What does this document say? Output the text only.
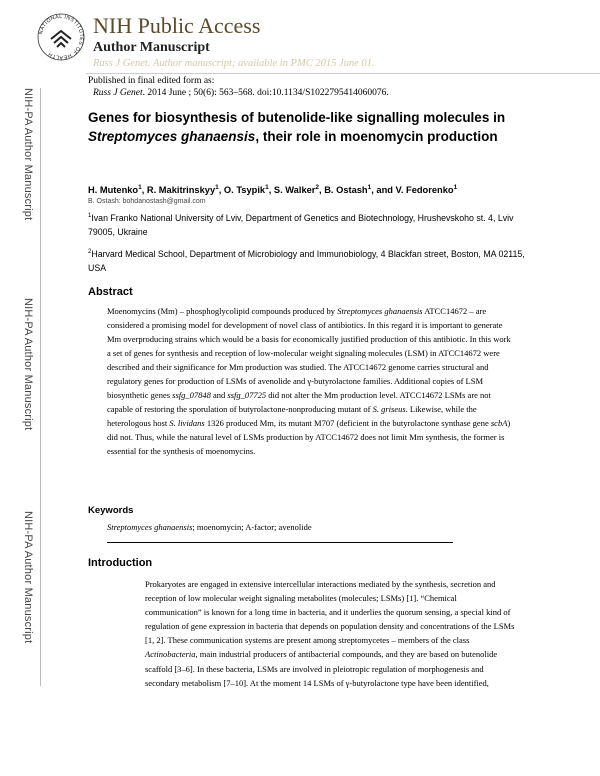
NIH-PA Author Manuscript
NIH-PA Author Manuscript
NIH-PA Author Manuscript
NATIONAL INSTITUTES OF HEALTH
NIH Public Access
Author Manuscript
Russ J Genet. Author manuscript; available in PMC 2015 June 01.
Published in final edited form as:
Russ J Genet. 2014 June ; 50(6): 563–568. doi:10.1134/S1022795414060076.
Genes for biosynthesis of butenolide-like signalling molecules in Streptomyces ghanaensis, their role in moenomycin production
H. Mutenko$^1$, R. Makitrinskyy$^1$, O. Tsypik$^1$, S. Walker$^2$, B. Ostash$^1$, and V. Fedorenko$^1$
B. Ostash: bohdanostash@gmail.com
$^1$Ivan Franko National University of Lviv, Department of Genetics and Biotechnology, Hrushevskoho st. 4, Lviv 79005, Ukraine
$^2$Harvard Medical School, Department of Microbiology and Immunobiology, 4 Blackfan street, Boston, MA 02115, USA
Abstract
Moenomycins (Mm) – phosphoglycolipid compounds produced by Streptomyces ghanaensis ATCC14672 – are considered a promising model for development of novel class of antibiotics. In this regard it is important to generate Mm overproducing strains which would be a basis for economically justified production of this antibiotic. In this work a set of genes for synthesis and reception of low-molecular weight signaling molecules (LSM) in ATCC14672 were described and their significance for Mm production was studied. The ATCC14672 genome carries structural and regulatory genes for production of LSMs of avenolide and γ-butyrolactone families. Additional copies of LSM biosynthetic genes ssfg_07848 and ssfg_07725 did not alter the Mm production level. ATCC14672 LSMs are not capable of restoring the sporulation of butyrolactone-nonproducing mutant of S. griseus. Likewise, while the heterologous host S. lividans 1326 produced Mm, its mutant M707 (deficient in the butyrolactone synthase gene scbA) did not. Thus, while the natural level of LSMs production by ATCC14672 does not limit Mm synthesis, the former is essential for the synthesis of moenomycins.
Keywords
Streptomyces ghanaensis; moenomycin; A-factor; avenolide
Introduction
Prokaryotes are engaged in extensive intercellular interactions mediated by the synthesis, secretion and reception of low molecular weight signaling metabolites (molecules; LSMs) [1]. “Chemical communication” is known for a long time in bacteria, and it underlies the quorum sensing, a special kind of regulation of gene expression in bacteria that depends on population density and concentrations of the LSMs [1, 2]. These communication systems are present among streptomycetes – members of the class Actinobacteria, main industrial producers of antibacterial compounds, and they are based on butenolide scaffold [3–6]. In these bacteria, LSMs are involved in pleiotropic regulation of morphogenesis and secondary metabolism [7–10]. At the moment 14 LSMs of γ-butyrolactone type have been identified,
